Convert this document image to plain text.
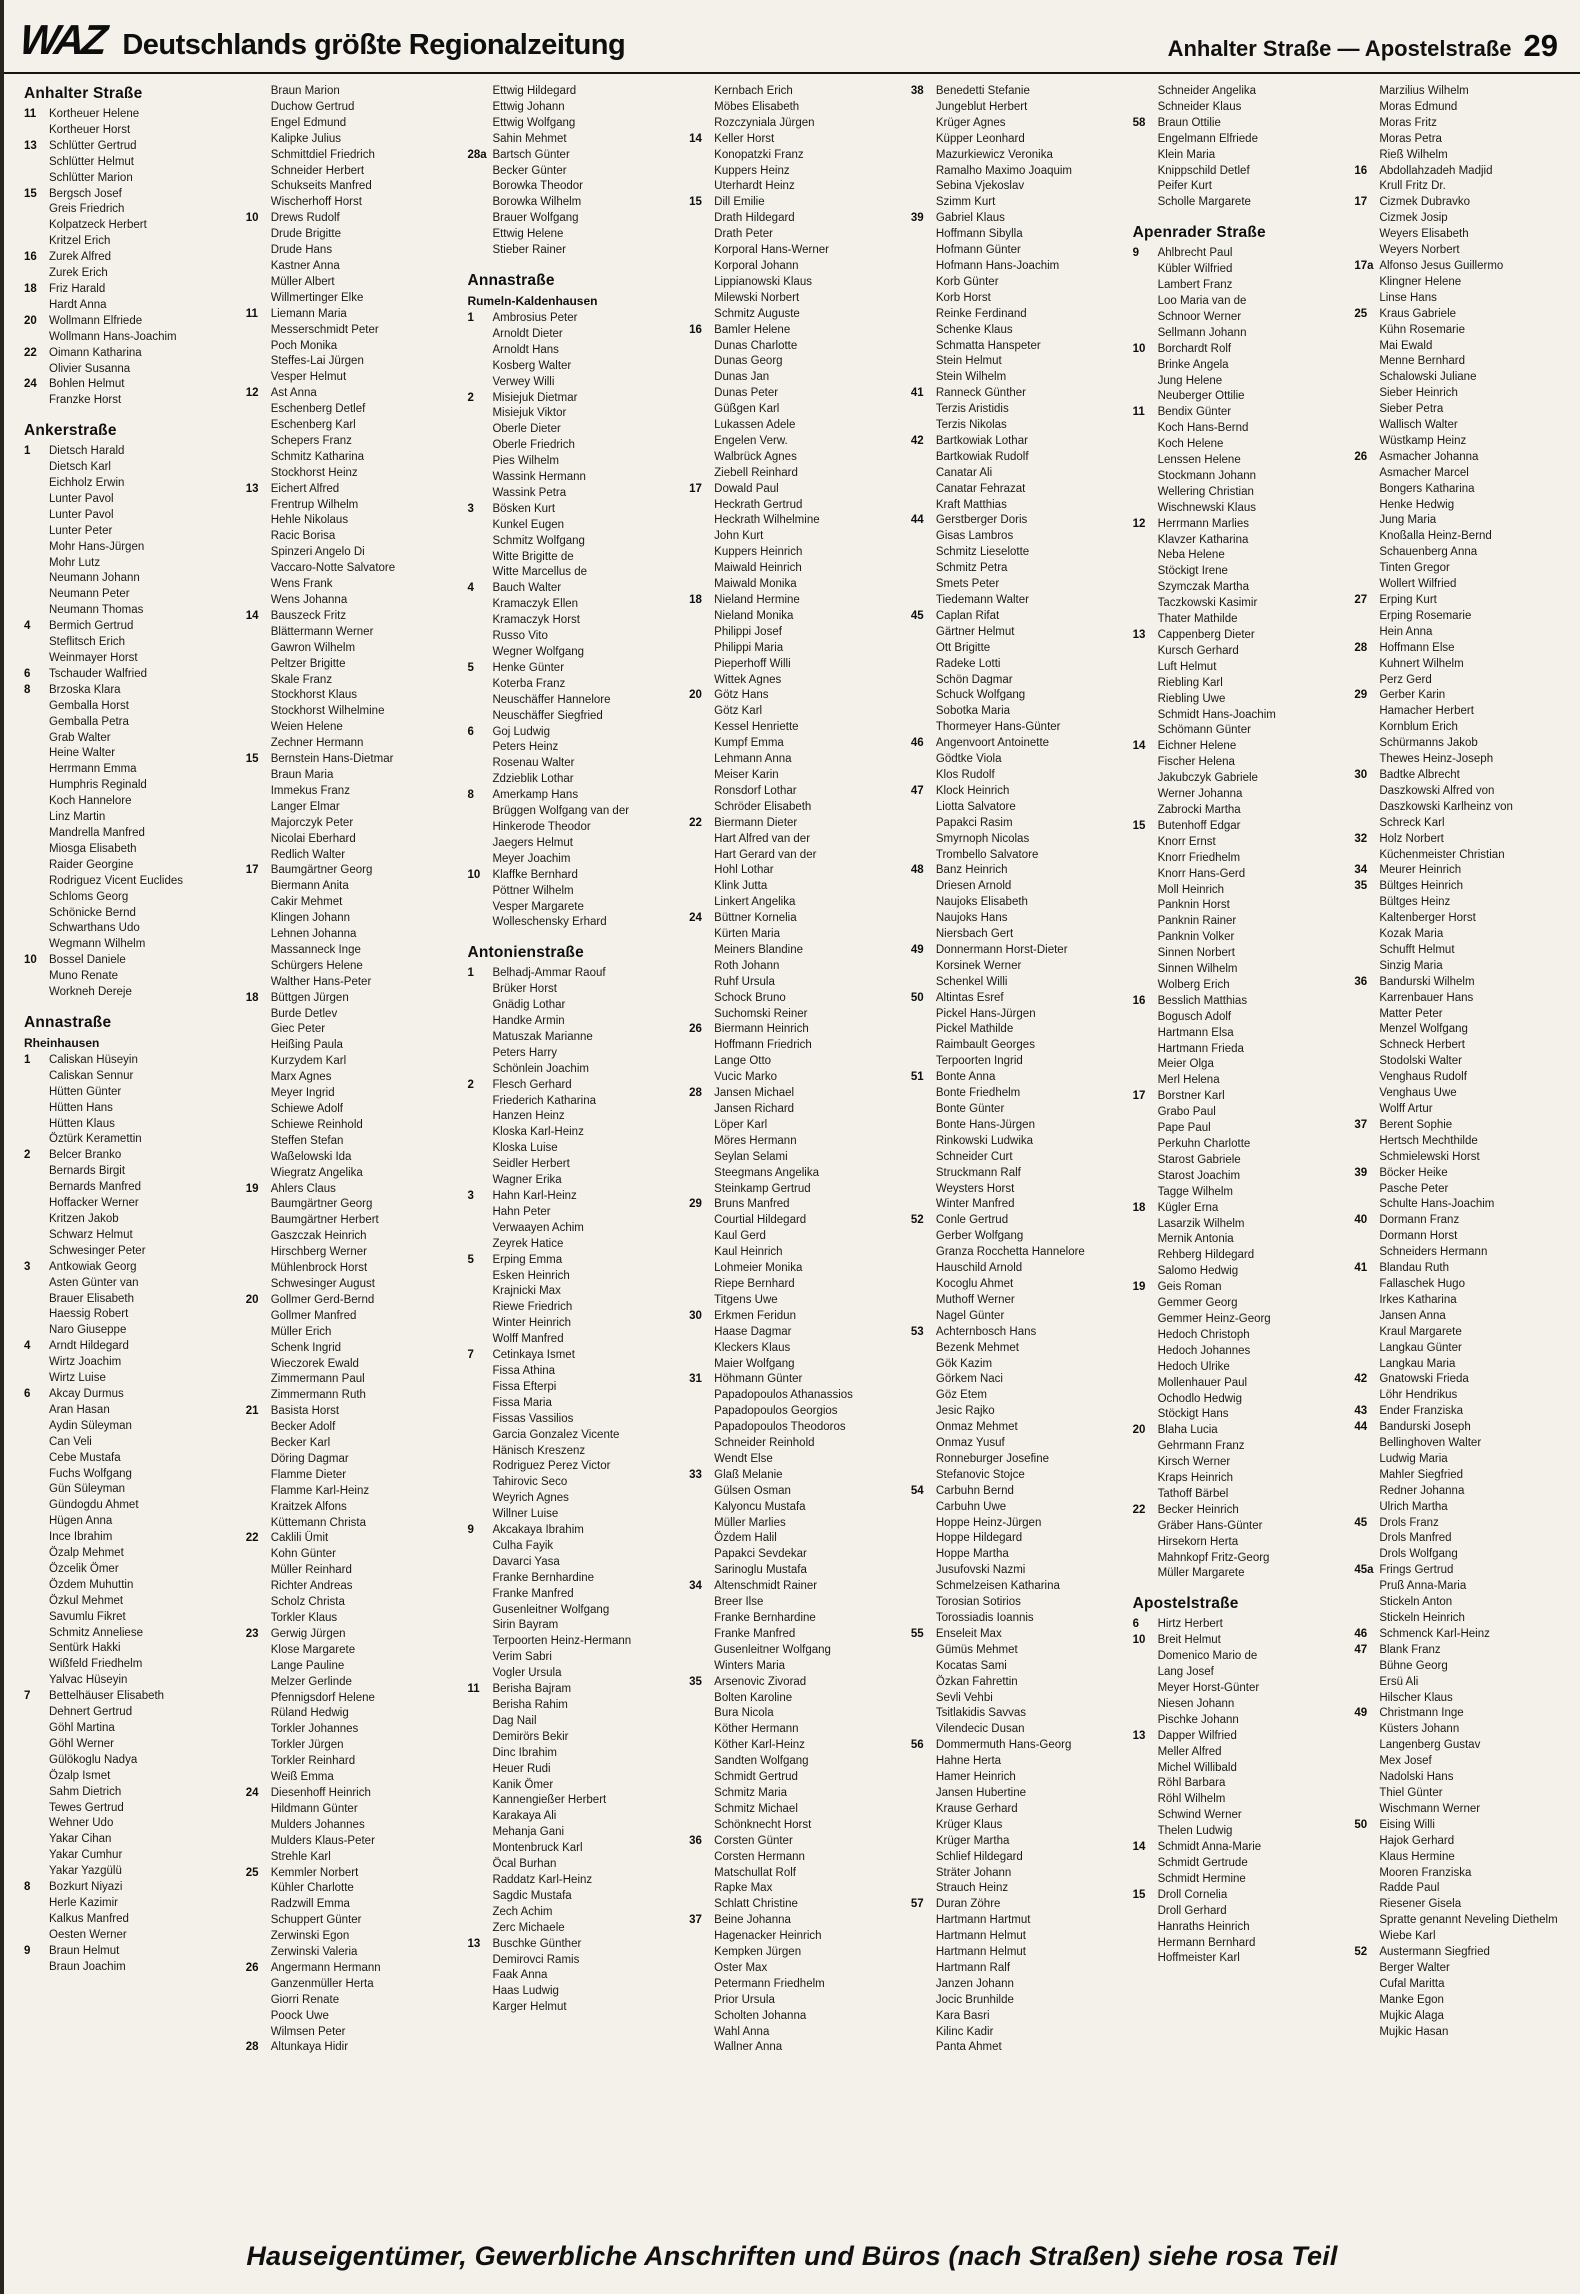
WAZ Deutschlands größte Regionalzeitung	Anhalter Straße — Apostelstraße 29
Anhalter Straße
11 Kortheuer Helene
Kortheuer Horst
13 Schlütter Gertrud
Schlütter Helmut
Schlütter Marion
15 Bergsch Josef
Greis Friedrich
Kolpatzeck Herbert
Kritzel Erich
16 Zurek Alfred
Zurek Erich
18 Friz Harald
Hardt Anna
20 Wollmann Elfriede
Wollmann Hans-Joachim
22 Oimann Katharina
Olivier Susanna
24 Bohlen Helmut
Franzke Horst
Ankerstraße
1 Dietsch Harald
Dietsch Karl
Eichholz Erwin
Lunter Pavol
Lunter Pavol
Lunter Peter
Mohr Hans-Jürgen
Mohr Lutz
Neumann Johann
Neumann Peter
Neumann Thomas
4 Bermich Gertrud
Steflitsch Erich
Weinmayer Horst
6 Tschauder Walfried
8 Brzoska Klara
Gemballa Horst
Gemballa Petra
Grab Walter
Heine Walter
Herrmann Emma
Humphris Reginald
Koch Hannelore
Linz Martin
Mandrella Manfred
Miosga Elisabeth
Raider Georgine
Rodriguez Vicent Euclides
Schloms Georg
Schönicke Bernd
Schwarthans Udo
Wegmann Wilhelm
10 Bossel Daniele
Muno Renate
Workneh Dereje
Annastraße
Rheinhausen
1 Caliskan Hüseyin
Caliskan Sennur
Hütten Günter
Hütten Hans
Hütten Klaus
Öztürk Keramettin
2 Belcer Branko
Bernards Birgit
Bernards Manfred
Hoffacker Werner
Kritzen Jakob
Schwarz Helmut
Schwesinger Peter
3 Antkowiak Georg
Asten Günter van
Brauer Elisabeth
Haessig Robert
Naro Giuseppe
4 Arndt Hildegard
Wirtz Joachim
Wirtz Luise
6 Akcay Durmus
Aran Hasan
Aydin Süleyman
Can Veli
Cebe Mustafa
Fuchs Wolfgang
Gün Süleyman
Gündogdu Ahmet
Hügen Anna
Ince Ibrahim
Özalp Mehmet
Özcelik Ömer
Özdem Muhuttin
Özkul Mehmet
Savumlu Fikret
Schmitz Anneliese
Sentürk Hakki
Wißfeld Friedhelm
Yalvac Hüseyin
7 Bettelhäuser Elisabeth
Dehnert Gertrud
Göhl Martina
Göhl Werner
Gülökoglu Nadya
Özalp Ismet
Sahm Dietrich
Tewes Gertrud
Wehner Udo
Yakar Cihan
Yakar Cumhur
Yakar Yazgülü
8 Bozkurt Niyazi
Herle Kazimir
Kalkus Manfred
Oesten Werner
9 Braun Helmut
Braun Joachim
Braun Marion
Duchow Gertrud
Engel Edmund
Kalipke Julius
Schmittdiel Friedrich
Schneider Herbert
Schukseits Manfred
Wischerhoff Horst
10 Drews Rudolf
Drude Brigitte
Drude Hans
Kastner Anna
Müller Albert
Willmertinger Elke
11 Liemann Maria
Messerschmidt Peter
Poch Monika
Steffes-Lai Jürgen
Vesper Helmut
12 Ast Anna
Eschenberg Detlef
Eschenberg Karl
Schepers Franz
Schmitz Katharina
Stockhorst Heinz
13 Eichert Alfred
Frentrup Wilhelm
Hehle Nikolaus
Racic Borisa
Spinzeri Angelo Di
Vaccaro-Notte Salvatore
Wens Frank
Wens Johanna
14 Bauszeck Fritz
Blättermann Werner
Gawron Wilhelm
Peltzer Brigitte
Skale Franz
Stockhorst Klaus
Stockhorst Wilhelmine
Weien Helene
Zechner Hermann
15 Bernstein Hans-Dietmar
Braun Maria
Immekus Franz
Langer Elmar
Majorczyk Peter
Nicolai Eberhard
Redlich Walter
17 Baumgärtner Georg
Biermann Anita
Cakir Mehmet
Klingen Johann
Lehnen Johanna
Massanneck Inge
Schürgers Helene
Walther Hans-Peter
18 Büttgen Jürgen
Burde Detlev
Giec Peter
Heißing Paula
Kurzydem Karl
Marx Agnes
Meyer Ingrid
Schiewe Adolf
Schiewe Reinhold
Steffen Stefan
Waßelowski Ida
Wiegratz Angelika
19 Ahlers Claus
Baumgärtner Georg
Baumgärtner Herbert
Gaszczak Heinrich
Hirschberg Werner
Mühlenbrock Horst
Schwesinger August
20 Gollmer Gerd-Bernd
Gollmer Manfred
Müller Erich
Schenk Ingrid
Wieczorek Ewald
Zimmermann Paul
Zimmermann Ruth
21 Basista Horst
Becker Adolf
Becker Karl
Döring Dagmar
Flamme Dieter
Flamme Karl-Heinz
Kraitzek Alfons
Küttemann Christa
22 Caklili Ümit
Kohn Günter
Müller Reinhard
Richter Andreas
Scholz Christa
Torkler Klaus
23 Gerwig Jürgen
Klose Margarete
Lange Pauline
Melzer Gerlinde
Pfennigsdorf Helene
Rüland Hedwig
Torkler Johannes
Torkler Jürgen
Torkler Reinhard
Weiß Emma
24 Diesenhoff Heinrich
Hildmann Günter
Mulders Johannes
Mulders Klaus-Peter
Strehle Karl
25 Kemmler Norbert
Kühler Charlotte
Radzwill Emma
Schuppert Günter
Zerwinski Egon
Zerwinski Valeria
26 Angermann Hermann
Ganzenmüller Herta
Giorri Renate
Poock Uwe
Wilmsen Peter
28 Altunkaya Hidir
Ettwig Hildegard
Ettwig Johann
Ettwig Wolfgang
Sahin Mehmet
28a Bartsch Günter
Becker Günter
Borowka Theodor
Borowka Wilhelm
Brauer Wolfgang
Ettwig Helene
Stieber Rainer
Annastraße
Rumeln-Kaldenhausen
1 Ambrosius Peter
Arnoldt Dieter
Arnoldt Hans
Kosberg Walter
Verwey Willi
2 Misiejuk Dietmar
Misiejuk Viktor
Oberle Dieter
Oberle Friedrich
Pies Wilhelm
Wassink Hermann
Wassink Petra
3 Bösken Kurt
Kunkel Eugen
Schmitz Wolfgang
Witte Brigitte de
Witte Marcellus de
4 Bauch Walter
Kramaczyk Ellen
Kramaczyk Horst
Russo Vito
Wegner Wolfgang
5 Henke Günter
Koterba Franz
Neuschäffer Hannelore
Neuschäffer Siegfried
6 Goj Ludwig
Peters Heinz
Rosenau Walter
Zdzieblik Lothar
8 Amerkamp Hans
Brüggen Wolfgang van der
Hinkerode Theodor
Jaegers Helmut
Meyer Joachim
10 Klaffke Bernhard
Pöttner Wilhelm
Vesper Margarete
Wolleschensky Erhard
Antonienstraße
1 Belhadj-Ammar Raouf
Brüker Horst
Gnädig Lothar
Handke Armin
Matuszak Marianne
Peters Harry
Schönlein Joachim
2 Flesch Gerhard
Friederich Katharina
Hanzen Heinz
Kloska Karl-Heinz
Kloska Luise
Seidler Herbert
Wagner Erika
3 Hahn Karl-Heinz
Hahn Peter
Verwaayen Achim
Zeyrek Hatice
5 Erping Emma
Esken Heinrich
Krajnicki Max
Riewe Friedrich
Winter Heinrich
Wolff Manfred
7 Cetinkaya Ismet
Fissa Athina
Fissa Efterpi
Fissa Maria
Fissas Vassilios
Garcia Gonzalez Vicente
Hänisch Kreszenz
Rodriguez Perez Victor
Tahirovic Seco
Weyrich Agnes
Willner Luise
9 Akcakaya Ibrahim
Culha Fayik
Davarci Yasa
Franke Bernhardine
Franke Manfred
Gusenleitner Wolfgang
Sirin Bayram
Terpoorten Heinz-Hermann
Verim Sabri
Vogler Ursula
11 Berisha Bajram
Berisha Rahim
Dag Nail
Demirörs Bekir
Dinc Ibrahim
Heuer Rudi
Kanik Ömer
Kannengießer Herbert
Karakaya Ali
Mehanja Gani
Montenbruck Karl
Öcal Burhan
Raddatz Karl-Heinz
Sagdic Mustafa
Zech Achim
Zerc Michaele
13 Buschke Günther
Demirovci Ramis
Faak Anna
Haas Ludwig
Karger Helmut
Kernbach Erich
Möbes Elisabeth
Rozczyniala Jürgen
14 Keller Horst
Konopatzki Franz
Kuppers Heinz
Uterhardt Heinz
15 Dill Emilie
Drath Hildegard
Drath Peter
Korporal Hans-Werner
Korporal Johann
Lippianowski Klaus
Milewski Norbert
Schmitz Auguste
16 Bamler Helene
Dunas Charlotte
Dunas Georg
Dunas Jan
Dunas Peter
Güßgen Karl
Lukassen Adele
Engelen Verw.
Walbrück Agnes
Ziebell Reinhard
17 Dowald Paul
Heckrath Gertrud
Heckrath Wilhelmine
John Kurt
Kuppers Heinrich
Maiwald Heinrich
Maiwald Monika
18 Nieland Hermine
Nieland Monika
Philippi Josef
Philippi Maria
Pieperhoff Willi
Wittek Agnes
20 Götz Hans
Götz Karl
Kessel Henriette
Kumpf Emma
Lehmann Anna
Meiser Karin
Ronsdorf Lothar
Schröder Elisabeth
22 Biermann Dieter
Hart Alfred van der
Hart Gerard van der
Hohl Lothar
Klink Jutta
Linkert Angelika
24 Büttner Kornelia
Kürten Maria
Meiners Blandine
Roth Johann
Ruhf Ursula
Schock Bruno
Suchomski Reiner
26 Biermann Heinrich
Hoffmann Friedrich
Lange Otto
Vucic Marko
28 Jansen Michael
Jansen Richard
Löper Karl
Möres Hermann
Seylan Selami
Steegmans Angelika
Steinkamp Gertrud
29 Bruns Manfred
Courtial Hildegard
Kaul Gerd
Kaul Heinrich
Lohmeier Monika
Riepe Bernhard
Titgens Uwe
30 Erkmen Feridun
Haase Dagmar
Kleckers Klaus
Maier Wolfgang
31 Höhmann Günter
Papadopoulos Athanassios
Papadopoulos Georgios
Papadopoulos Theodoros
Schneider Reinhold
Wendt Else
33 Glaß Melanie
Gülsen Osman
Kalyoncu Mustafa
Müller Marlies
Özdem Halil
Papakci Sevdekar
Sarinoglu Mustafa
34 Altenschmidt Rainer
Breer Ilse
Franke Bernhardine
Franke Manfred
Gusenleitner Wolfgang
Winters Maria
35 Arsenovic Zivorad
Bolten Karoline
Bura Nicola
Köther Hermann
Köther Karl-Heinz
Sandten Wolfgang
Schmidt Gertrud
Schmitz Maria
Schmitz Michael
Schönknecht Horst
36 Corsten Günter
Corsten Hermann
Matschullat Rolf
Rapke Max
Schlatt Christine
37 Beine Johanna
Hagenacker Heinrich
Kempken Jürgen
Oster Max
Petermann Friedhelm
Prior Ursula
Scholten Johanna
Wahl Anna
Wallner Anna
38 Benedetti Stefanie
Jungeblut Herbert
Krüger Agnes
Küpper Leonhard
Mazurkiewicz Veronika
Ramalho Maximo Joaquim
Sebina Vjekoslav
Szimm Kurt
39 Gabriel Klaus
Hoffmann Sibylla
Hofmann Günter
Hofmann Hans-Joachim
Korb Günter
Korb Horst
Reinke Ferdinand
Schenke Klaus
Schmatta Hanspeter
Stein Helmut
Stein Wilhelm
41 Ranneck Günther
Terzis Aristidis
Terzis Nikolas
42 Bartkowiak Lothar
Bartkowiak Rudolf
Canatar Ali
Canatar Fehrazat
Kraft Matthias
44 Gerstberger Doris
Gisas Lambros
Schmitz Lieselotte
Schmitz Petra
Smets Peter
Tiedemann Walter
45 Caplan Rifat
Gärtner Helmut
Ott Brigitte
Radeke Lotti
Schön Dagmar
Schuck Wolfgang
Sobotka Maria
Thormeyer Hans-Günter
46 Angenvoort Antoinette
Gödtke Viola
Klos Rudolf
47 Klock Heinrich
Liotta Salvatore
Papakci Rasim
Smyrnoph Nicolas
Trombello Salvatore
48 Banz Heinrich
Driesen Arnold
Naujoks Elisabeth
Naujoks Hans
Niersbach Gert
49 Donnermann Horst-Dieter
Korsinek Werner
Schenkel Willi
50 Altintas Esref
Pickel Hans-Jürgen
Pickel Mathilde
Raimbault Georges
Terpoorten Ingrid
51 Bonte Anna
Bonte Friedhelm
Bonte Günter
Bonte Hans-Jürgen
Rinkowski Ludwika
Schneider Curt
Struckmann Ralf
Weysters Horst
Winter Manfred
52 Conle Gertrud
Gerber Wolfgang
Granza Rocchetta Hannelore
Hauschild Arnold
Kocoglu Ahmet
Muthoff Werner
Nagel Günter
53 Achternbosch Hans
Bezenk Mehmet
Gök Kazim
Görkem Naci
Göz Etem
Jesic Rajko
Onmaz Mehmet
Onmaz Yusuf
Ronneburger Josefine
Stefanovic Stojce
54 Carbuhn Bernd
Carbuhn Uwe
Hoppe Heinz-Jürgen
Hoppe Hildegard
Hoppe Martha
Jusufovski Nazmi
Schmelzeisen Katharina
Torosian Sotirios
Torossiadis Ioannis
55 Enseleit Max
Gümüs Mehmet
Kocatas Sami
Özkan Fahrettin
Sevli Vehbi
Tsitlakidis Savvas
Vilendecic Dusan
56 Dommermuth Hans-Georg
Hahne Herta
Hamer Heinrich
Jansen Hubertine
Krause Gerhard
Krüger Klaus
Krüger Martha
Schlief Hildegard
Sträter Johann
Strauch Heinz
57 Duran Zöhre
Hartmann Hartmut
Hartmann Helmut
Hartmann Helmut
Hartmann Ralf
Janzen Johann
Jocic Brunhilde
Kara Basri
Kilinc Kadir
Panta Ahmet
Schneider Angelika
Schneider Klaus
58 Braun Ottilie
Engelmann Elfriede
Klein Maria
Knippschild Detlef
Peifer Kurt
Scholle Margarete
Apenrader Straße
9 Ahlbrecht Paul
Kübler Wilfried
Lambert Franz
Loo Maria van de
Schnoor Werner
Sellmann Johann
10 Borchardt Rolf
Brinke Angela
Jung Helene
Neuberger Ottilie
11 Bendix Günter
Koch Hans-Bernd
Koch Helene
Lenssen Helene
Stockmann Johann
Wellering Christian
Wischnewski Klaus
12 Herrmann Marlies
Klavzer Katharina
Neba Helene
Stöckigt Irene
Szymczak Martha
Taczkowski Kasimir
Thater Mathilde
13 Cappenberg Dieter
Kursch Gerhard
Luft Helmut
Riebling Karl
Riebling Uwe
Schmidt Hans-Joachim
Schömann Günter
14 Eichner Helene
Fischer Helena
Jakubczyk Gabriele
Werner Johanna
Zabrocki Martha
15 Butenhoff Edgar
Knorr Ernst
Knorr Friedhelm
Knorr Hans-Gerd
Moll Heinrich
Panknin Horst
Panknin Rainer
Panknin Volker
Sinnen Norbert
Sinnen Wilhelm
Wolberg Erich
16 Besslich Matthias
Bogusch Adolf
Hartmann Elsa
Hartmann Frieda
Meier Olga
Merl Helena
17 Borstner Karl
Grabo Paul
Pape Paul
Perkuhn Charlotte
Starost Gabriele
Starost Joachim
Tagge Wilhelm
18 Kügler Erna
Lasarzik Wilhelm
Mernik Antonia
Rehberg Hildegard
Salomo Hedwig
19 Geis Roman
Gemmer Georg
Gemmer Heinz-Georg
Hedoch Christoph
Hedoch Johannes
Hedoch Ulrike
Mollenhauer Paul
Ochodlo Hedwig
Stöckigt Hans
20 Blaha Lucia
Gehrmann Franz
Kirsch Werner
Kraps Heinrich
Tathoff Bärbel
22 Becker Heinrich
Gräber Hans-Günter
Hirsekorn Herta
Mahnkopf Fritz-Georg
Müller Margarete
Apostelstraße
6 Hirtz Herbert
10 Breit Helmut
Domenico Mario de
Lang Josef
Meyer Horst-Günter
Niesen Johann
Pischke Johann
13 Dapper Wilfried
Meller Alfred
Michel Willibald
Röhl Barbara
Röhl Wilhelm
Schwind Werner
Thelen Ludwig
14 Schmidt Anna-Marie
Schmidt Gertrude
Schmidt Hermine
15 Droll Cornelia
Droll Gerhard
Hanraths Heinrich
Hermann Bernhard
Hoffmeister Karl
Marzilius Wilhelm
Moras Edmund
Moras Fritz
Moras Petra
Rieß Wilhelm
16 Abdollahzadeh Madjid
Krull Fritz Dr.
17 Cizmek Dubravko
Cizmek Josip
Weyers Elisabeth
Weyers Norbert
17a Alfonso Jesus Guillermo
Klingner Helene
Linse Hans
25 Kraus Gabriele
Kühn Rosemarie
Mai Ewald
Menne Bernhard
Schalowski Juliane
Sieber Heinrich
Sieber Petra
Wallisch Walter
Wüstkamp Heinz
26 Asmacher Johanna
Asmacher Marcel
Bongers Katharina
Henke Hedwig
Jung Maria
Knoßalla Heinz-Bernd
Schauenberg Anna
Tinten Gregor
Wollert Wilfried
27 Erping Kurt
Erping Rosemarie
Hein Anna
28 Hoffmann Else
Kuhnert Wilhelm
Perz Gerd
29 Gerber Karin
Hamacher Herbert
Kornblum Erich
Schürmanns Jakob
Thewes Heinz-Joseph
30 Badtke Albrecht
Daszkowski Alfred von
Daszkowski Karlheinz von
Schreck Karl
32 Holz Norbert
Küchenmeister Christian
34 Meurer Heinrich
35 Bültges Heinrich
Bültges Heinz
Kaltenberger Horst
Kozak Maria
Schufft Helmut
Sinzig Maria
36 Bandurski Wilhelm
Karrenbauer Hans
Matter Peter
Menzel Wolfgang
Schneck Herbert
Stodolski Walter
Venghaus Rudolf
Venghaus Uwe
Wolff Artur
37 Berent Sophie
Hertsch Mechthilde
Schmielewski Horst
39 Böcker Heike
Pasche Peter
Schulte Hans-Joachim
40 Dormann Franz
Dormann Horst
Schneiders Hermann
41 Blandau Ruth
Fallaschek Hugo
Irkes Katharina
Jansen Anna
Kraul Margarete
Langkau Günter
Langkau Maria
42 Gnatowski Frieda
Löhr Hendrikus
43 Ender Franziska
44 Bandurski Joseph
Bellinghoven Walter
Ludwig Maria
Mahler Siegfried
Redner Johanna
Ulrich Martha
45 Drols Franz
Drols Manfred
Drols Wolfgang
45a Frings Gertrud
Pruß Anna-Maria
Stickeln Anton
Stickeln Heinrich
46 Schmenck Karl-Heinz
47 Blank Franz
Bühne Georg
Ersü Ali
Hilscher Klaus
49 Christmann Inge
Küsters Johann
Langenberg Gustav
Mex Josef
Nadolski Hans
Thiel Günter
Wischmann Werner
50 Eising Willi
Hajok Gerhard
Klaus Hermine
Mooren Franziska
Radde Paul
Riesener Gisela
Spratte genannt Neveling Diethelm
Wiebe Karl
52 Austermann Siegfried
Berger Walter
Cufal Maritta
Manke Egon
Mujkic Alaga
Mujkic Hasan
Hauseigentümer, Gewerbliche Anschriften und Büros (nach Straßen) siehe rosa Teil
